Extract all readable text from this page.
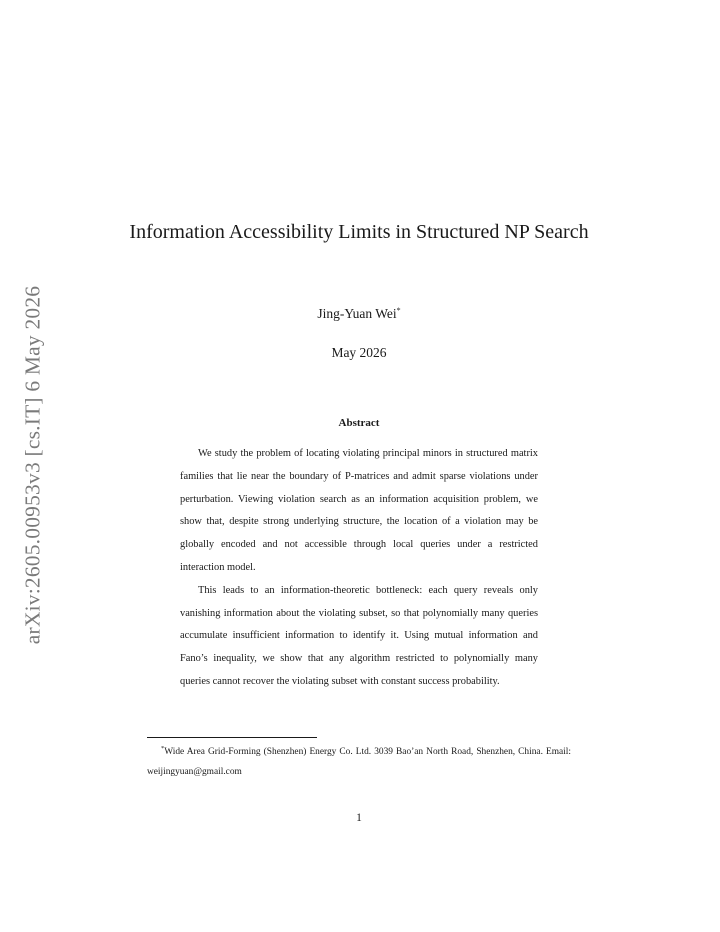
arXiv:2605.00953v3 [cs.IT] 6 May 2026
Information Accessibility Limits in Structured NP Search
Jing-Yuan Wei*
May 2026
Abstract

We study the problem of locating violating principal minors in structured matrix families that lie near the boundary of P-matrices and admit sparse violations under perturbation. Viewing violation search as an information acquisition problem, we show that, despite strong underlying structure, the location of a violation may be globally encoded and not accessible through local queries under a restricted interaction model.

This leads to an information-theoretic bottleneck: each query reveals only vanishing information about the violating subset, so that polynomially many queries accumulate insufficient information to identify it. Using mutual information and Fano’s inequality, we show that any algorithm restricted to polynomially many queries cannot recover the violating subset with constant success probability.

*Wide Area Grid-Forming (Shenzhen) Energy Co. Ltd. 3039 Bao’an North Road, Shenzhen, China. Email: weijingyuan@gmail.com
1
